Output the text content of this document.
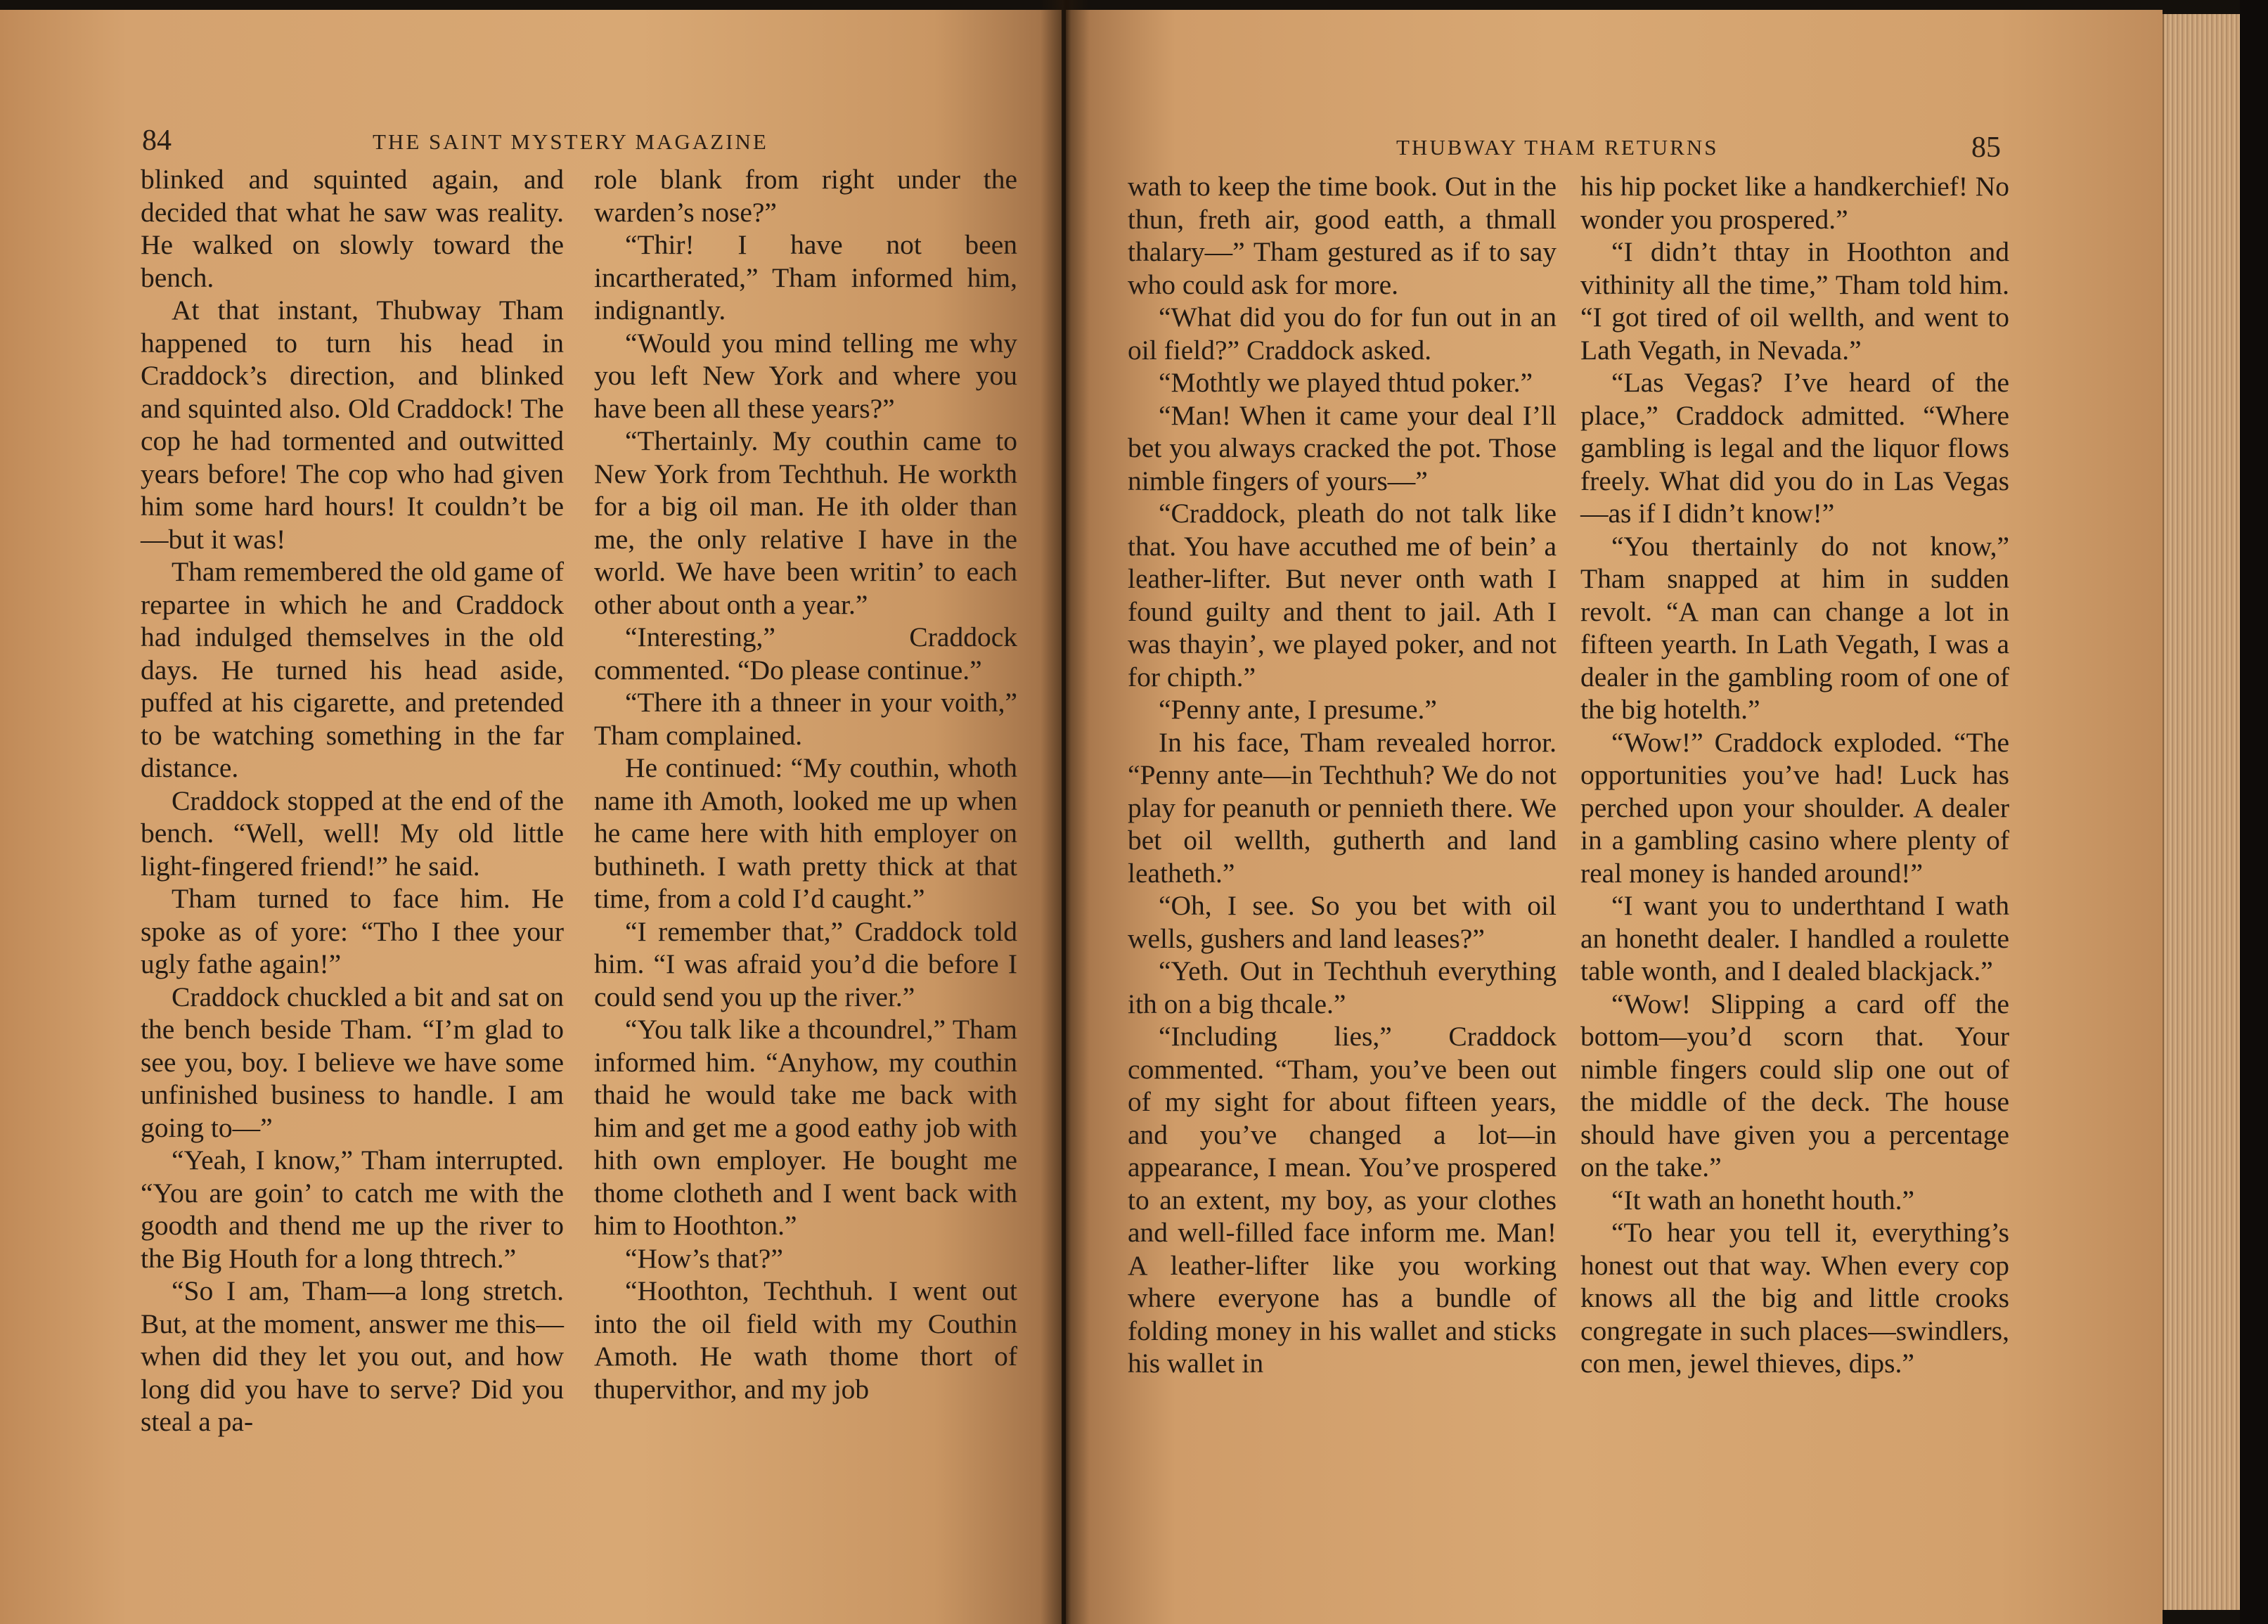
84	THE SAINT MYSTERY MAGAZINE

blinked and squinted again, and decided that what he saw was reality. He walked on slowly toward the bench.

At that instant, Thubway Tham happened to turn his head in Craddock’s direction, and blinked and squinted also. Old Craddock! The cop he had tormented and outwitted years before! The cop who had given him some hard hours! It couldn’t be—but it was!

Tham remembered the old game of repartee in which he and Craddock had indulged themselves in the old days. He turned his head aside, puffed at his cigarette, and pretended to be watching something in the far distance.

Craddock stopped at the end of the bench. “Well, well! My old little light-fingered friend!” he said.

Tham turned to face him. He spoke as of yore: “Tho I thee your ugly fathe again!”

Craddock chuckled a bit and sat on the bench beside Tham. “I’m glad to see you, boy. I believe we have some unfinished business to handle. I am going to—”

“Yeah, I know,” Tham interrupted. “You are goin’ to catch me with the goodth and thend me up the river to the Big Houth for a long thtrech.”

“So I am, Tham—a long stretch. But, at the moment, answer me this—when did they let you out, and how long did you have to serve? Did you steal a pa-

role blank from right under the warden’s nose?”

“Thir! I have not been incartherated,” Tham informed him, indignantly.

“Would you mind telling me why you left New York and where you have been all these years?”

“Thertainly. My couthin came to New York from Techthuh. He workth for a big oil man. He ith older than me, the only relative I have in the world. We have been writin’ to each other about onth a year.”

“Interesting,” Craddock commented. “Do please continue.”

“There ith a thneer in your voith,” Tham complained.

He continued: “My couthin, whoth name ith Amoth, looked me up when he came here with hith employer on buthineth. I wath pretty thick at that time, from a cold I’d caught.”

“I remember that,” Craddock told him. “I was afraid you’d die before I could send you up the river.”

“You talk like a thcoundrel,” Tham informed him. “Anyhow, my couthin thaid he would take me back with him and get me a good eathy job with hith own employer. He bought me thome clotheth and I went back with him to Hoothton.”

“How’s that?”

“Hoothton, Techthuh. I went out into the oil field with my Couthin Amoth. He wath thome thort of thupervithor, and my job

THUBWAY THAM RETURNS	85

wath to keep the time book. Out in the thun, freth air, good eatth, a thmall thalary—” Tham gestured as if to say who could ask for more.

“What did you do for fun out in an oil field?” Craddock asked.

“Mothtly we played thtud poker.”

“Man! When it came your deal I’ll bet you always cracked the pot. Those nimble fingers of yours—”

“Craddock, pleath do not talk like that. You have accuthed me of bein’ a leather-lifter. But never onth wath I found guilty and thent to jail. Ath I was thayin’, we played poker, and not for chipth.”

“Penny ante, I presume.”

In his face, Tham revealed horror. “Penny ante—in Techthuh? We do not play for peanuth or pennieth there. We bet oil wellth, gutherth and land leatheth.”

“Oh, I see. So you bet with oil wells, gushers and land leases?”

“Yeth. Out in Techthuh everything ith on a big thcale.”

“Including lies,” Craddock commented. “Tham, you’ve been out of my sight for about fifteen years, and you’ve changed a lot—in appearance, I mean. You’ve prospered to an extent, my boy, as your clothes and well-filled face inform me. Man! A leather-lifter like you working where everyone has a bundle of folding money in his wallet and sticks his wallet in

his hip pocket like a handkerchief! No wonder you prospered.”

“I didn’t thtay in Hoothton and vithinity all the time,” Tham told him. “I got tired of oil wellth, and went to Lath Vegath, in Nevada.”

“Las Vegas? I’ve heard of the place,” Craddock admitted. “Where gambling is legal and the liquor flows freely. What did you do in Las Vegas—as if I didn’t know!”

“You thertainly do not know,” Tham snapped at him in sudden revolt. “A man can change a lot in fifteen yearth. In Lath Vegath, I was a dealer in the gambling room of one of the big hotelth.”

“Wow!” Craddock exploded. “The opportunities you’ve had! Luck has perched upon your shoulder. A dealer in a gambling casino where plenty of real money is handed around!”

“I want you to underthtand I wath an honetht dealer. I handled a roulette table wonth, and I dealed blackjack.”

“Wow! Slipping a card off the bottom—you’d scorn that. Your nimble fingers could slip one out of the middle of the deck. The house should have given you a percentage on the take.”

“It wath an honetht houth.”

“To hear you tell it, everything’s honest out that way. When every cop knows all the big and little crooks congregate in such places—swindlers, con men, jewel thieves, dips.”
